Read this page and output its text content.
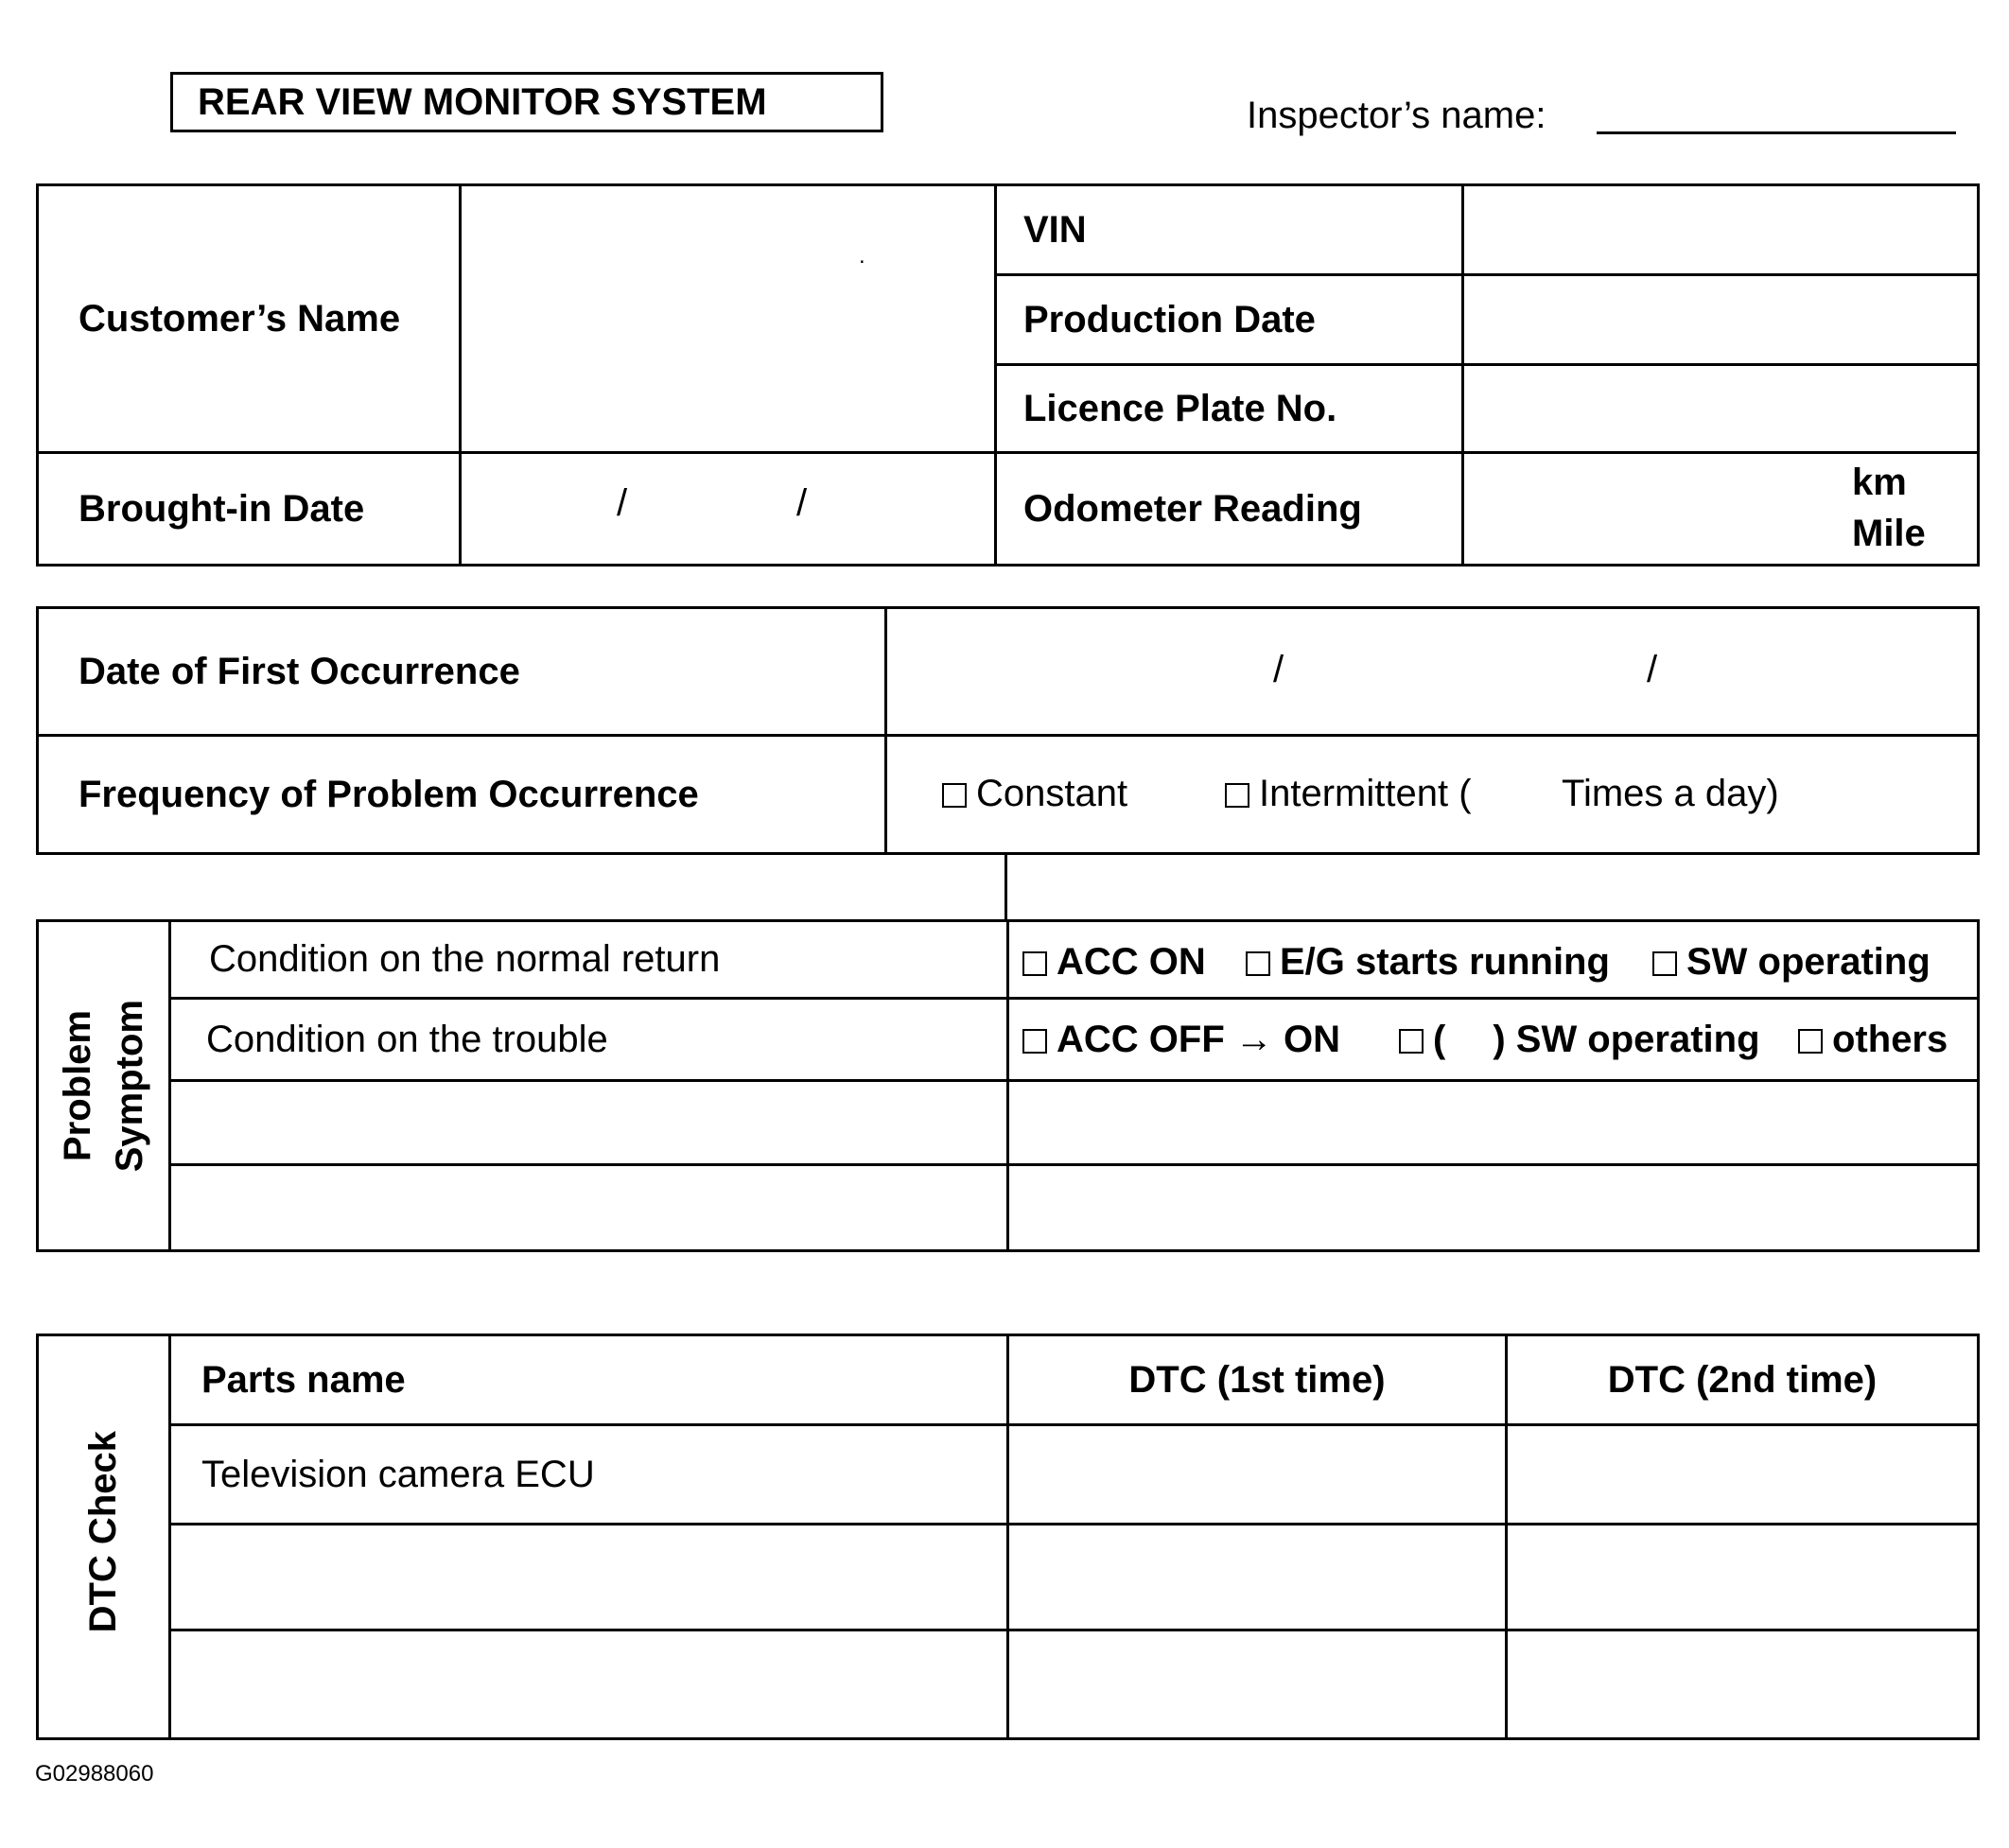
REAR VIEW MONITOR SYSTEM	Inspector’s name:
Customer’s Name	.	VIN	
		Production Date	
		Licence Plate No.	
Brought-in Date	/ /	Odometer Reading	km
Mile
Date of First Occurrence	/ /

Frequency of Problem Occurrence	Constant Intermittent ( Times a day)
Problem Symptom	Condition on the normal return	ACC ON E/G starts running SW operating

	Condition on the trouble	ACC OFF → ON ( ) SW operating others

DTC Check	Parts name	DTC (1st time)	DTC (2nd time)
	Television camera ECU		

G02988060
